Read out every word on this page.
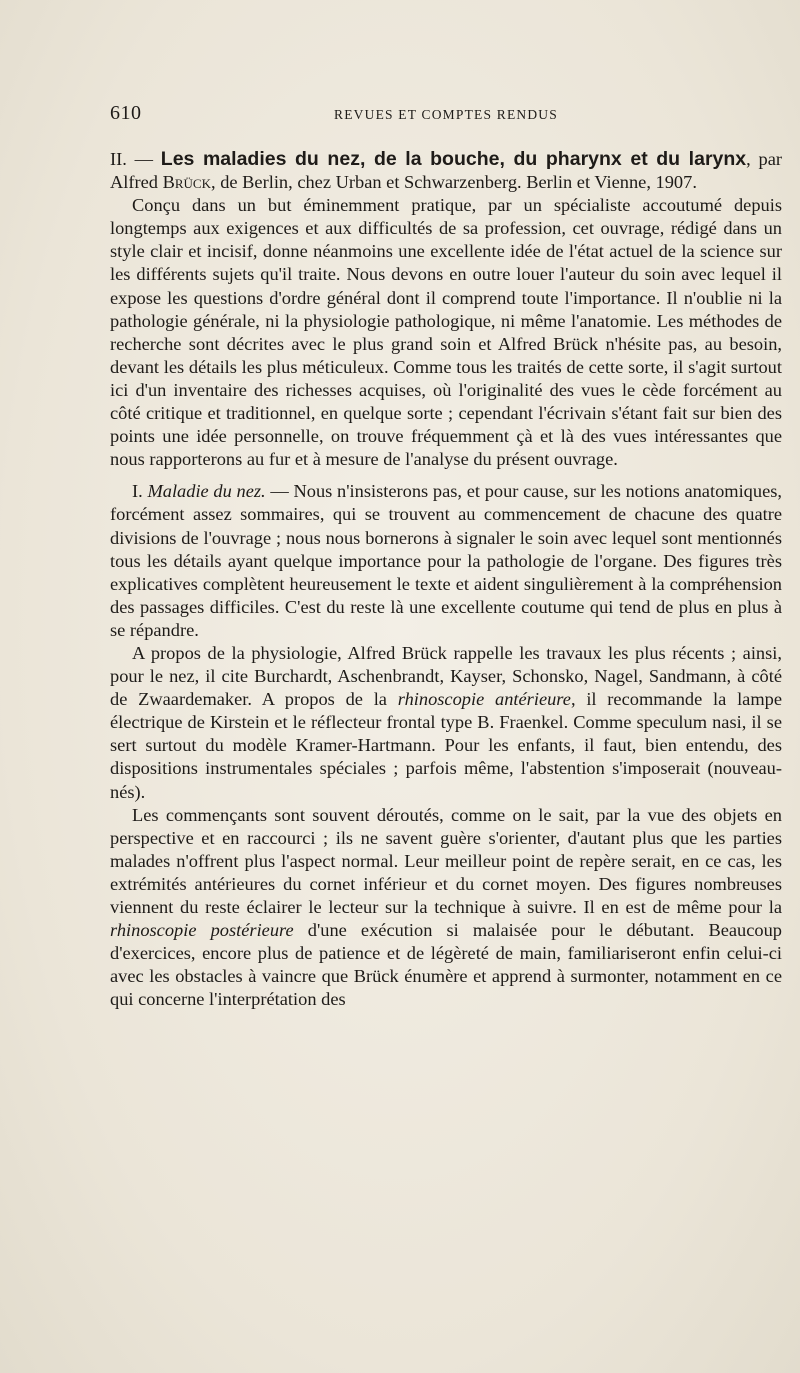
610	REVUES ET COMPTES RENDUS

II. — Les maladies du nez, de la bouche, du pharynx et du larynx, par Alfred Brück, de Berlin, chez Urban et Schwarzenberg. Berlin et Vienne, 1907.

Conçu dans un but éminemment pratique, par un spécialiste accoutumé depuis longtemps aux exigences et aux difficultés de sa profession, cet ouvrage, rédigé dans un style clair et incisif, donne néanmoins une excellente idée de l'état actuel de la science sur les différents sujets qu'il traite. Nous devons en outre louer l'auteur du soin avec lequel il expose les questions d'ordre général dont il comprend toute l'importance. Il n'oublie ni la pathologie générale, ni la physiologie pathologique, ni même l'anatomie. Les méthodes de recherche sont décrites avec le plus grand soin et Alfred Brück n'hésite pas, au besoin, devant les détails les plus méticuleux. Comme tous les traités de cette sorte, il s'agit surtout ici d'un inventaire des richesses acquises, où l'originalité des vues le cède forcément au côté critique et traditionnel, en quelque sorte ; cependant l'écrivain s'étant fait sur bien des points une idée personnelle, on trouve fréquemment çà et là des vues intéressantes que nous rapporterons au fur et à mesure de l'analyse du présent ouvrage.

I. Maladie du nez. — Nous n'insisterons pas, et pour cause, sur les notions anatomiques, forcément assez sommaires, qui se trouvent au commencement de chacune des quatre divisions de l'ouvrage ; nous nous bornerons à signaler le soin avec lequel sont mentionnés tous les détails ayant quelque importance pour la pathologie de l'organe. Des figures très explicatives complètent heureusement le texte et aident singulièrement à la compréhension des passages difficiles. C'est du reste là une excellente coutume qui tend de plus en plus à se répandre.

A propos de la physiologie, Alfred Brück rappelle les travaux les plus récents ; ainsi, pour le nez, il cite Burchardt, Aschenbrandt, Kayser, Schonsko, Nagel, Sandmann, à côté de Zwaardemaker. A propos de la rhinoscopie antérieure, il recommande la lampe électrique de Kirstein et le réflecteur frontal type B. Fraenkel. Comme speculum nasi, il se sert surtout du modèle Kramer-Hartmann. Pour les enfants, il faut, bien entendu, des dispositions instrumentales spéciales ; parfois même, l'abstention s'imposerait (nouveau-nés).

Les commençants sont souvent déroutés, comme on le sait, par la vue des objets en perspective et en raccourci ; ils ne savent guère s'orienter, d'autant plus que les parties malades n'offrent plus l'aspect normal. Leur meilleur point de repère serait, en ce cas, les extrémités antérieures du cornet inférieur et du cornet moyen. Des figures nombreuses viennent du reste éclairer le lecteur sur la technique à suivre. Il en est de même pour la rhinoscopie postérieure d'une exécution si malaisée pour le débutant. Beaucoup d'exercices, encore plus de patience et de légèreté de main, familiariseront enfin celui-ci avec les obstacles à vaincre que Brück énumère et apprend à surmonter, notamment en ce qui concerne l'interprétation des
